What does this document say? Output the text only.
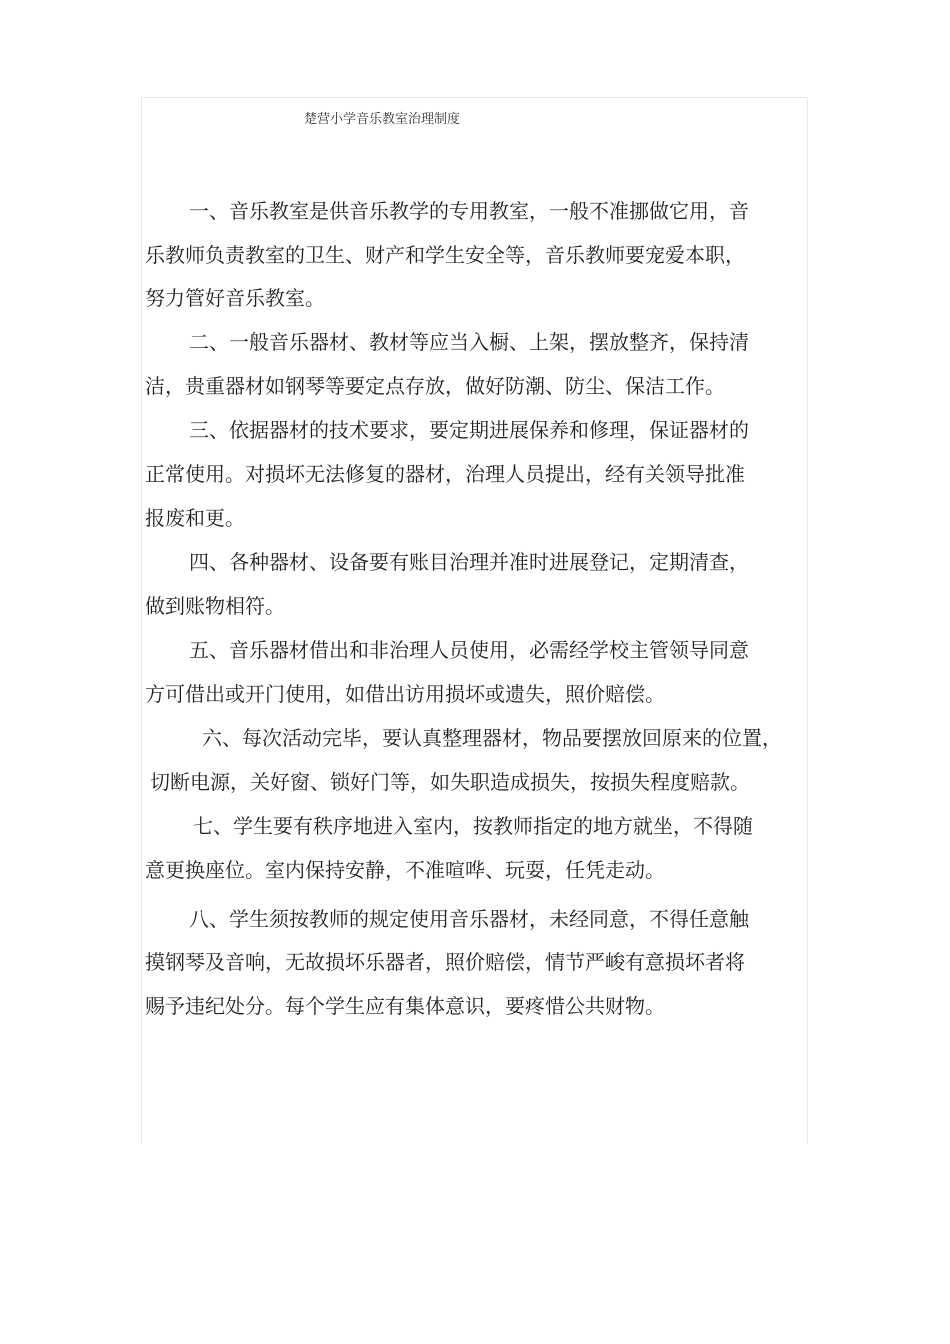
楚营小学音乐教室治理制度
一、音乐教室是供音乐教学的专用教室，一般不准挪做它用，音
乐教师负责教室的卫生、财产和学生安全等，音乐教师要宠爱本职，
努力管好音乐教室。
二、一般音乐器材、教材等应当入橱、上架，摆放整齐，保持清
洁，贵重器材如钢琴等要定点存放，做好防潮、防尘、保洁工作。
三、依据器材的技术要求，要定期进展保养和修理，保证器材的
正常使用。对损坏无法修复的器材，治理人员提出，经有关领导批准
报废和更。
四、各种器材、设备要有账目治理并准时进展登记，定期清查，
做到账物相符。
五、音乐器材借出和非治理人员使用，必需经学校主管领导同意
方可借出或开门使用，如借出访用损坏或遗失，照价赔偿。
六、每次活动完毕，要认真整理器材，物品要摆放回原来的位置，
切断电源，关好窗、锁好门等，如失职造成损失，按损失程度赔款。
七、学生要有秩序地进入室内，按教师指定的地方就坐，不得随
意更换座位。室内保持安静，不准喧哗、玩耍，任凭走动。
八、学生须按教师的规定使用音乐器材，未经同意，不得任意触
摸钢琴及音响，无故损坏乐器者，照价赔偿，情节严峻有意损坏者将
赐予违纪处分。每个学生应有集体意识，要疼惜公共财物。
